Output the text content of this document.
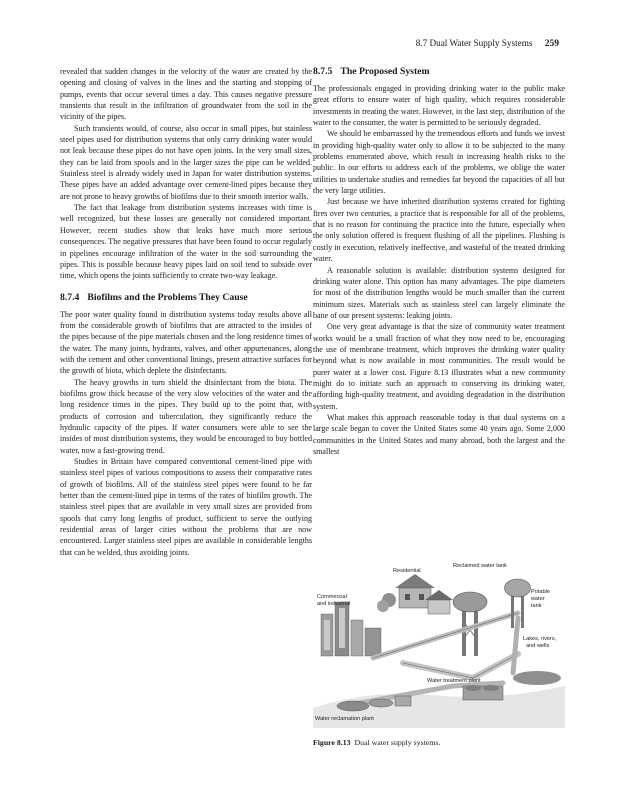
8.7 Dual Water Supply Systems 259

revealed that sudden changes in the velocity of the water are created by the opening and closing of valves in the lines and the starting and stopping of pumps, events that occur several times a day. This causes negative pressure transients that result in the infiltration of groundwater from the soil in the vicinity of the pipes.

Such transients would, of course, also occur in small pipes, but stainless steel pipes used for distribution systems that only carry drinking water would not leak because these pipes do not have open joints. In the very small sizes, they can be laid from spools and in the larger sizes the pipe can be welded. Stainless steel is already widely used in Japan for water distribution systems. These pipes have an added advantage over cement-lined pipes because they are not prone to heavy growths of biofilms due to their smooth interior walls.

The fact that leakage from distribution systems increases with time is well recognized, but these losses are generally not considered important. However, recent studies show that leaks have much more serious consequences. The negative pressures that have been found to occur regularly in pipelines encourage infiltration of the water in the soil surrounding the pipes. This is possible because heavy pipes laid on soil tend to subside over time, which opens the joints sufficiently to create two-way leakage.

8.7.4 Biofilms and the Problems They Cause

The poor water quality found in distribution systems today results above all from the considerable growth of biofilms that are attracted to the insides of the pipes because of the pipe materials chosen and the long residence times of the water. The many joints, hydrants, valves, and other appurtenances, along with the cement and other conventional linings, present attractive surfaces for the growth of biota, which deplete the disinfectants.

The heavy growths in turn shield the disinfectant from the biota. The biofilms grow thick because of the very slow velocities of the water and the long residence times in the pipes. They build up to the point that, with products of corrosion and tuberculation, they significantly reduce the hydraulic capacity of the pipes. If water consumers were able to see the insides of most distribution systems, they would be encouraged to buy bottled water, now a fast-growing trend.

Studies in Britain have compared conventional cement-lined pipe with stainless steel pipes of various compositions to assess their comparative rates of growth of biofilms. All of the stainless steel pipes were found to be far better than the cement-lined pipe in terms of the rates of biofilm growth. The stainless steel pipes that are available in very small sizes are provided from spools that carry long lengths of product, sufficient to serve the outlying residential areas of larger cities without the problems that are now encountered. Larger stainless steel pipes are available in considerable lengths that can be welded, thus avoiding joints.

8.7.5 The Proposed System

The professionals engaged in providing drinking water to the public make great efforts to ensure water of high quality, which requires considerable investments in treating the water. However, in the last step, distribution of the water to the consumer, the water is permitted to be seriously degraded.

We should be embarrassed by the tremendous efforts and funds we invest in providing high-quality water only to allow it to be subjected to the many problems enumerated above, which result in increasing health risks to the public. In our efforts to address each of the problems, we oblige the water utilities to undertake studies and remedies far beyond the capacities of all but the very large utilities.

Just because we have inherited distribution systems created for fighting fires over two centuries, a practice that is responsible for all of the problems, that is no reason for continuing the practice into the future, especially when the only solution offered is frequent flushing of all the pipelines. Flushing is costly in execution, relatively ineffective, and wasteful of the treated drinking water.

A reasonable solution is available: distribution systems designed for drinking water alone. This option has many advantages. The pipe diameters for most of the distribution lengths would be much smaller than the current minimum sizes. Materials such as stainless steel can largely eliminate the bane of our present systems: leaking joints.

One very great advantage is that the size of community water treatment works would be a small fraction of what they now need to be, encouraging the use of membrane treatment, which improves the drinking water quality beyond what is now available in most communities. The result would be purer water at a lower cost. Figure 8.13 illustrates what a new community might do to initiate such an approach to conserving its drinking water, affording high-quality treatment, and avoiding degradation in the distribution system.

What makes this approach reasonable today is that dual systems on a large scale began to cover the United States some 40 years ago. Some 2,000 communities in the United States and many abroad, both the largest and the smallest

Residential
Reclaimed water tank
Commercial
and industrial
Potable
water
tank
Lakes, rivers,
and wells
Water treatment plant
Water reclamation plant
Figure 8.13 Dual water supply systems.
